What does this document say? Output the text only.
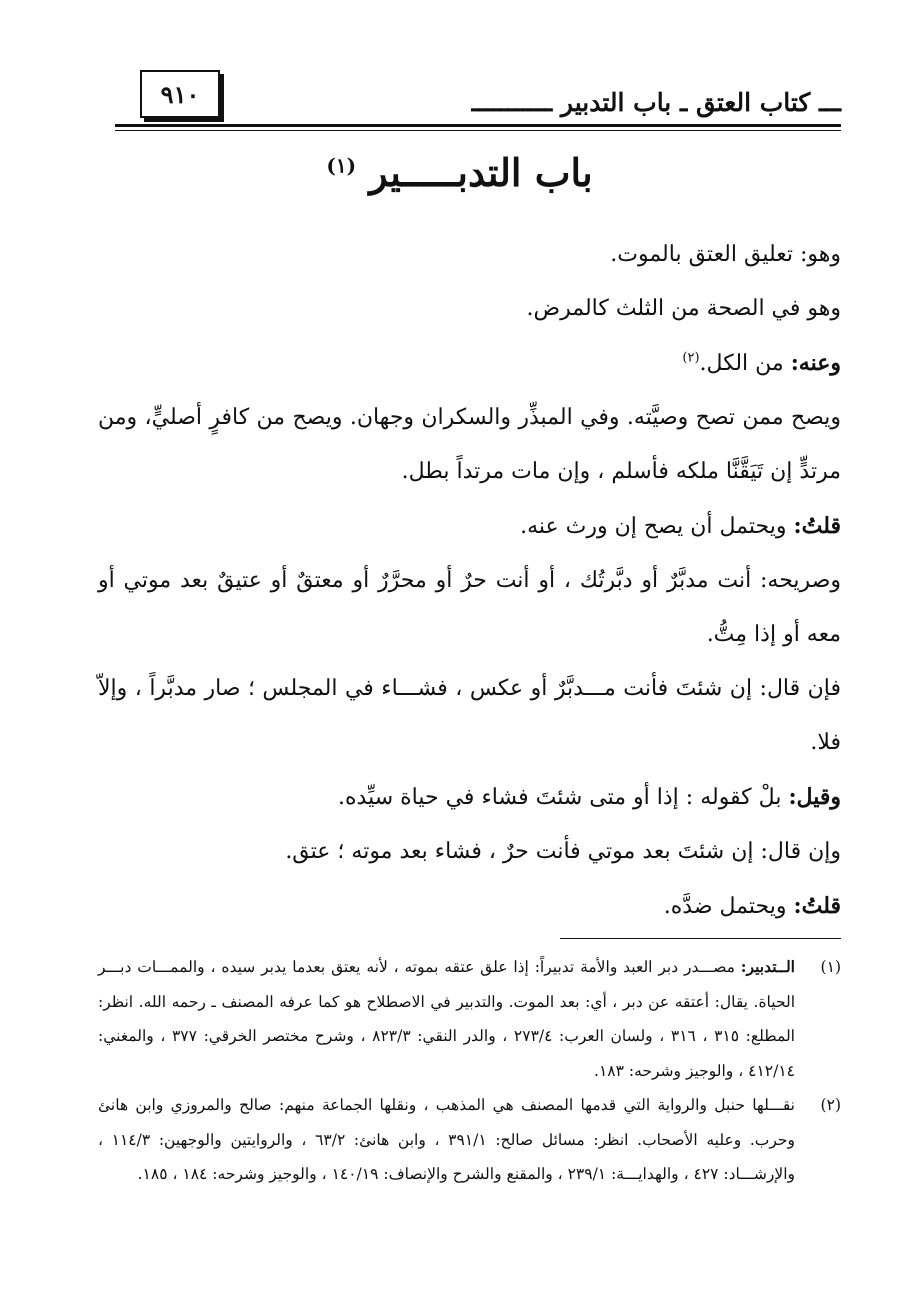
٩١٠	ـــ كتاب العتق ـ باب التدبير ـــــــــــ
باب التدبـــــير $^{(١)}$

وهو: تعليق العتق بالموت.

وهو في الصحة من الثلث كالمرض.

وعنه: من الكل.$^{(٢)}$

ويصح ممن تصح وصيَّته. وفي المبذِّر والسكران وجهان. ويصح من كافرٍ أصليٍّ، ومن مرتدٍّ إن تَيَقَّنَّا ملكه فأسلم ، وإن مات مرتداً بطل.

قلتُ: ويحتمل أن يصح إن ورث عنه.

وصريحه: أنت مدبَّرٌ أو دبَّرتُك ، أو أنت حرٌ أو محرَّرٌ أو معتقٌ أو عتيقٌ بعد موتي أو معه أو إذا مِتُّ.

فإن قال: إن شئتَ فأنت مـــدبَّرٌ أو عكس ، فشـــاء في المجلس ؛ صار مدبَّراً ، وإلاّ فلا.

وقيل: بلْ كقوله : إذا أو متى شئتَ فشاء في حياة سيِّده.

وإن قال: إن شئتَ بعد موتي فأنت حرٌ ، فشاء بعد موته ؛ عتق.

قلتُ: ويحتمل ضدَّه.

(١)
الــتدبير: مصـــدر دبر العبد والأمة تدبيراً: إذا علق عتقه بموته ، لأنه يعتق بعدما يدبر سيده ، والممـــات دبـــر الحياة. يقال: أعتقه عن دبر ، أي: بعد الموت. والتدبير في الاصطلاح هو كما عرفه المصنف ـ رحمه الله. انظر: المطلع: ٣١٥ ، ٣١٦ ، ولسان العرب: ٢٧٣/٤ ، والدر النقي: ٨٢٣/٣ ، وشرح مختصر الخرقي: ٣٧٧ ، والمغني: ٤١٢/١٤ ، والوجيز وشرحه: ١٨٣.
(٢)
نقـــلها حنبل والرواية التي قدمها المصنف هي المذهب ، ونقلها الجماعة منهم: صالح والمروزي وابن هانئ وحرب. وعليه الأصحاب. انظر: مسائل صالح: ٣٩١/١ ، وابن هانئ: ٦٣/٢ ، والروايتين والوجهين: ١١٤/٣ ، والإرشـــاد: ٤٢٧ ، والهدايـــة: ٢٣٩/١ ، والمقنع والشرح والإنصاف: ١٤٠/١٩ ، والوجيز وشرحه: ١٨٤ ، ١٨٥.
